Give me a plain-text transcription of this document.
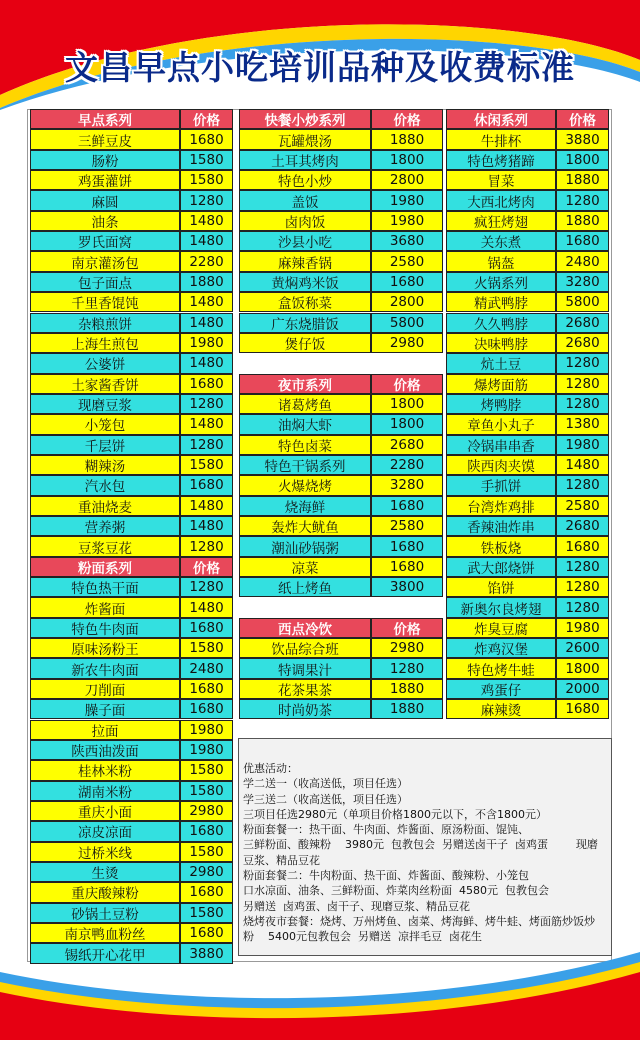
文昌早点小吃培训品种及收费标准
早点系列	价格
三鲜豆皮	1680
肠粉	1580
鸡蛋灌饼	1580
麻圆	1280
油条	1480
罗氏面窝	1480
南京灌汤包	2280
包子面点	1880
千里香馄饨	1480
杂粮煎饼	1480
上海生煎包	1980
公婆饼	1480
土家酱香饼	1680
现磨豆浆	1280
小笼包	1480
千层饼	1280
糊辣汤	1580
汽水包	1680
重油烧麦	1480
营养粥	1480
豆浆豆花	1280
粉面系列	价格
特色热干面	1280
炸酱面	1480
特色牛肉面	1680
原味汤粉王	1580
新农牛肉面	2480
刀削面	1680
臊子面	1680
拉面	1980
陕西油泼面	1980
桂林米粉	1580
湖南米粉	1580
重庆小面	2980
凉皮凉面	1680
过桥米线	1580
生烫	2980
重庆酸辣粉	1680
砂锅土豆粉	1580
南京鸭血粉丝	1680
锡纸开心花甲	3880
快餐小炒系列	价格
瓦罐煨汤	1880
土耳其烤肉	1800
特色小炒	2800
盖饭	1980
卤肉饭	1980
沙县小吃	3680
麻辣香锅	2580
黄焖鸡米饭	1680
盒饭称菜	2800
广东烧腊饭	5800
煲仔饭	2980
夜市系列	价格
诸葛烤鱼	1800
油焖大虾	1800
特色卤菜	2680
特色干锅系列	2280
火爆烧烤	3280
烧海鲜	1680
轰炸大鱿鱼	2580
潮汕砂锅粥	1680
凉菜	1680
纸上烤鱼	3800
西点冷饮	价格
饮品综合班	2980
特调果汁	1280
花茶果茶	1880
时尚奶茶	1880
休闲系列	价格
牛排杯	3880
特色烤猪蹄	1800
冒菜	1880
大西北烤肉	1280
疯狂烤翅	1880
关东煮	1680
锅盔	2480
火锅系列	3280
精武鸭脖	5800
久久鸭脖	2680
决味鸭脖	2680
炕土豆	1280
爆烤面筋	1280
烤鸭脖	1280
章鱼小丸子	1380
冷锅串串香	1980
陕西肉夹馍	1480
手抓饼	1280
台湾炸鸡排	2580
香辣油炸串	2680
铁板烧	1680
武大郎烧饼	1280
馅饼	1280
新奥尔良烤翅	1280
炸臭豆腐	1980
炸鸡汉堡	2600
特色烤牛蛙	1800
鸡蛋仔	2000
麻辣烫	1680
优惠活动：
学二送一（收高送低，项目任选）
学三送二（收高送低，项目任选）
三项目任选2980元（单项目价格1800元以下，不含1800元）
粉面套餐一：热干面、牛肉面、炸酱面、原汤粉面、馄饨、
三鲜粉面、酸辣粉    3980元  包教包会  另赠送卤干子  卤鸡蛋        现磨豆浆、精品豆花
粉面套餐二：牛肉粉面、热干面、炸酱面、酸辣粉、小笼包
口水凉面、油条、三鲜粉面、炸菜肉丝粉面  4580元  包教包会
另赠送  卤鸡蛋、卤干子、现磨豆浆、精品豆花
烧烤夜市套餐：烧烤、万州烤鱼、卤菜、烤海鲜、烤牛蛙、烤面筋炒饭炒粉    5400元包教包会  另赠送  凉拌毛豆  卤花生
